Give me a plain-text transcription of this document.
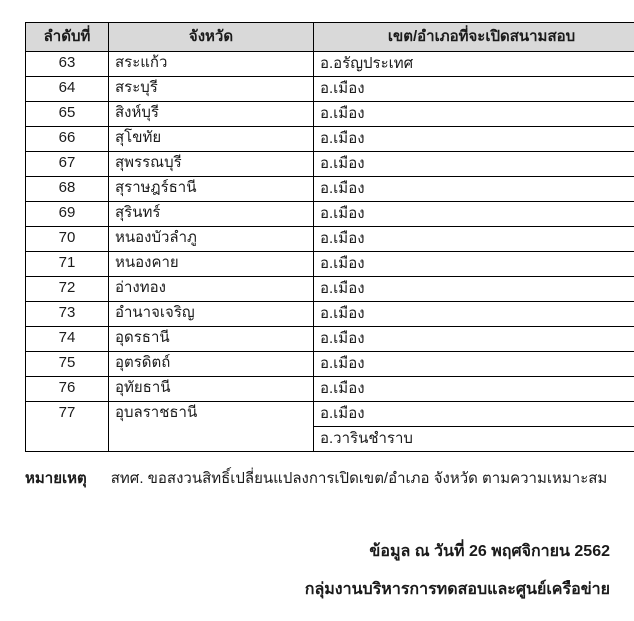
ลำดับที่	จังหวัด	เขต/อำเภอที่จะเปิดสนามสอบ
63	สระแก้ว	อ.อรัญประเทศ
64	สระบุรี	อ.เมือง
65	สิงห์บุรี	อ.เมือง
66	สุโขทัย	อ.เมือง
67	สุพรรณบุรี	อ.เมือง
68	สุราษฎร์ธานี	อ.เมือง
69	สุรินทร์	อ.เมือง
70	หนองบัวลำภู	อ.เมือง
71	หนองคาย	อ.เมือง
72	อ่างทอง	อ.เมือง
73	อำนาจเจริญ	อ.เมือง
74	อุดรธานี	อ.เมือง
75	อุตรดิตถ์	อ.เมือง
76	อุทัยธานี	อ.เมือง
77	อุบลราชธานี	อ.เมือง
		อ.วารินชำราบ
หมายเหตุ สทศ. ขอสงวนสิทธิ์เปลี่ยนแปลงการเปิดเขต/อำเภอ จังหวัด ตามความเหมาะสม
ข้อมูล ณ วันที่ 26 พฤศจิกายน 2562
กลุ่มงานบริหารการทดสอบและศูนย์เครือข่าย
